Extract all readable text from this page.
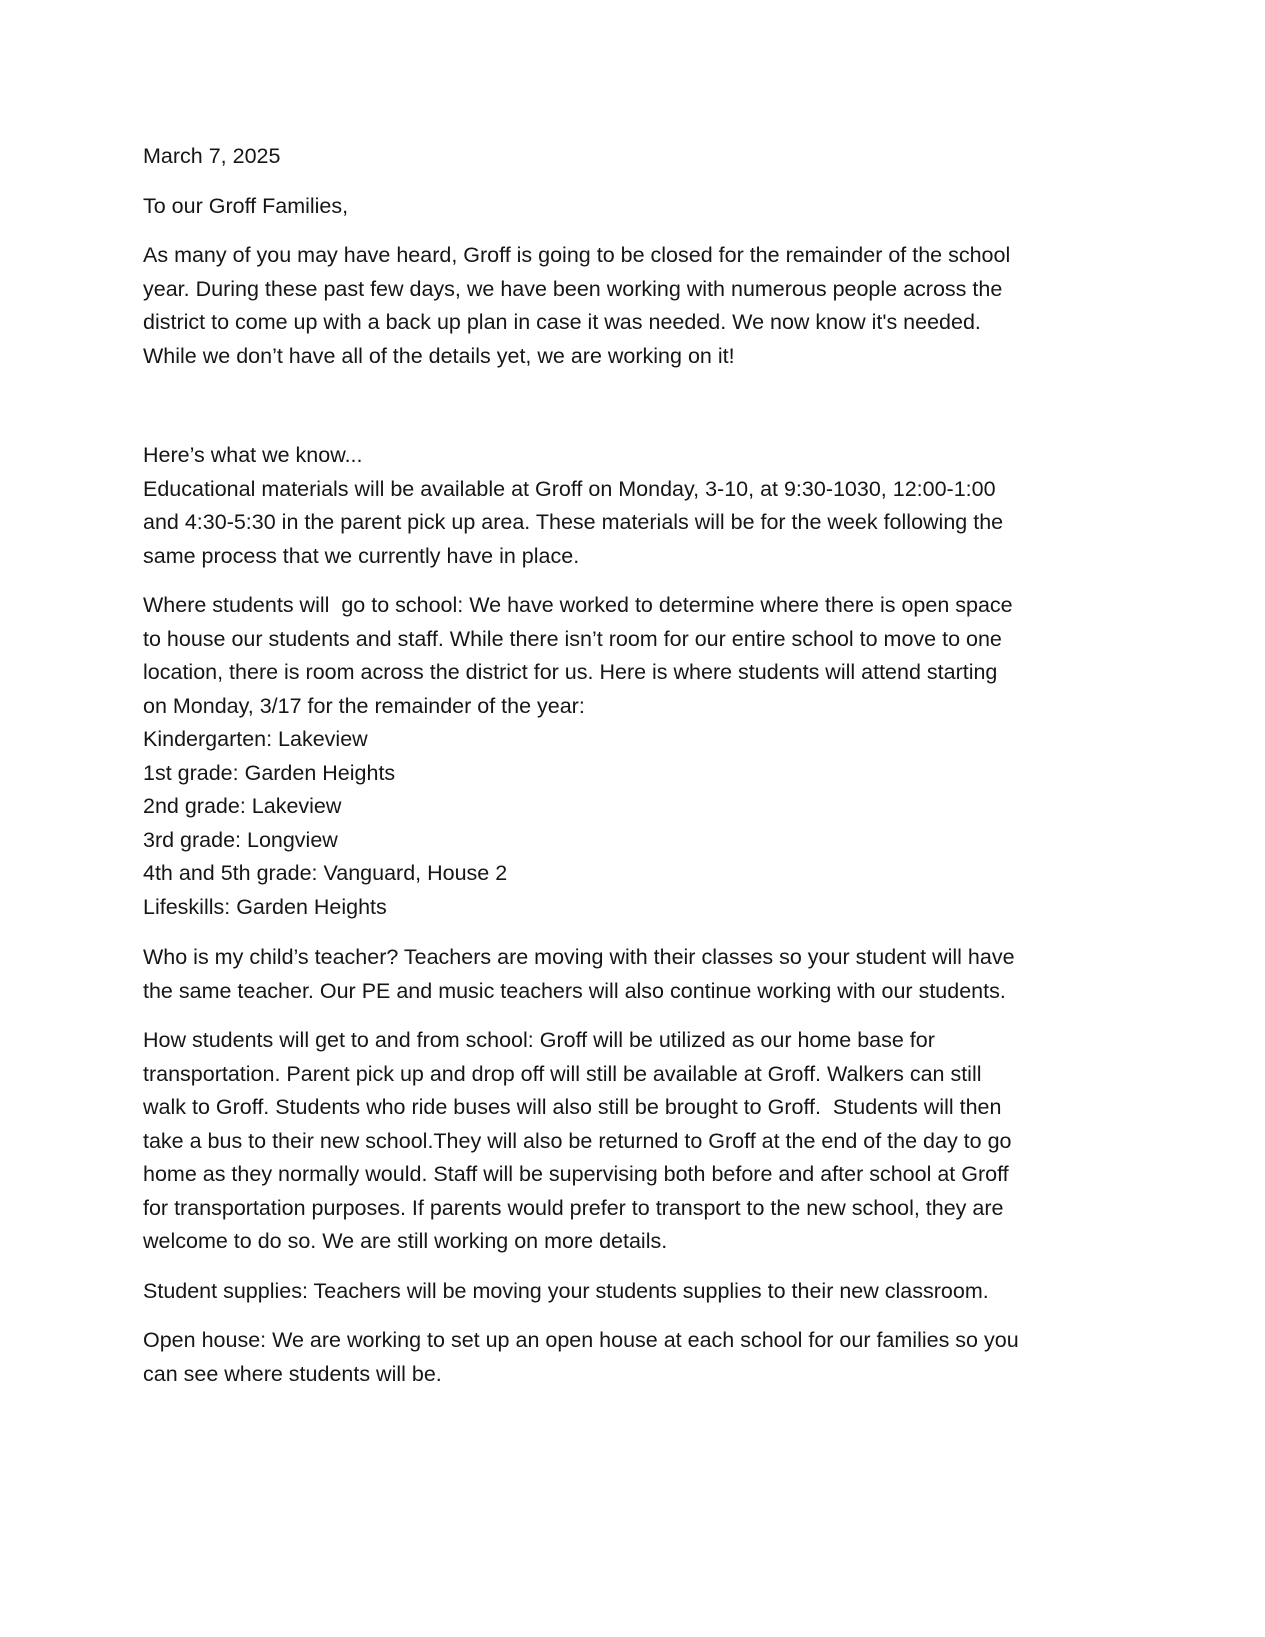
March 7, 2025
To our Groff Families,
As many of you may have heard, Groff is going to be closed for the remainder of the school
year. During these past few days, we have been working with numerous people across the
district to come up with a back up plan in case it was needed. We now know it's needed.
While we don’t have all of the details yet, we are working on it!
Here’s what we know...
Educational materials will be available at Groff on Monday, 3-10, at 9:30-1030, 12:00-1:00
and 4:30-5:30 in the parent pick up area. These materials will be for the week following the
same process that we currently have in place.
Where students will  go to school: We have worked to determine where there is open space
to house our students and staff. While there isn’t room for our entire school to move to one
location, there is room across the district for us. Here is where students will attend starting
on Monday, 3/17 for the remainder of the year:
Kindergarten: Lakeview
1st grade: Garden Heights
2nd grade: Lakeview
3rd grade: Longview
4th and 5th grade: Vanguard, House 2
Lifeskills: Garden Heights
Who is my child’s teacher? Teachers are moving with their classes so your student will have
the same teacher. Our PE and music teachers will also continue working with our students.
How students will get to and from school: Groff will be utilized as our home base for
transportation. Parent pick up and drop off will still be available at Groff. Walkers can still
walk to Groff. Students who ride buses will also still be brought to Groff.  Students will then
take a bus to their new school.They will also be returned to Groff at the end of the day to go
home as they normally would. Staff will be supervising both before and after school at Groff
for transportation purposes. If parents would prefer to transport to the new school, they are
welcome to do so. We are still working on more details.
Student supplies: Teachers will be moving your students supplies to their new classroom.
Open house: We are working to set up an open house at each school for our families so you
can see where students will be.
